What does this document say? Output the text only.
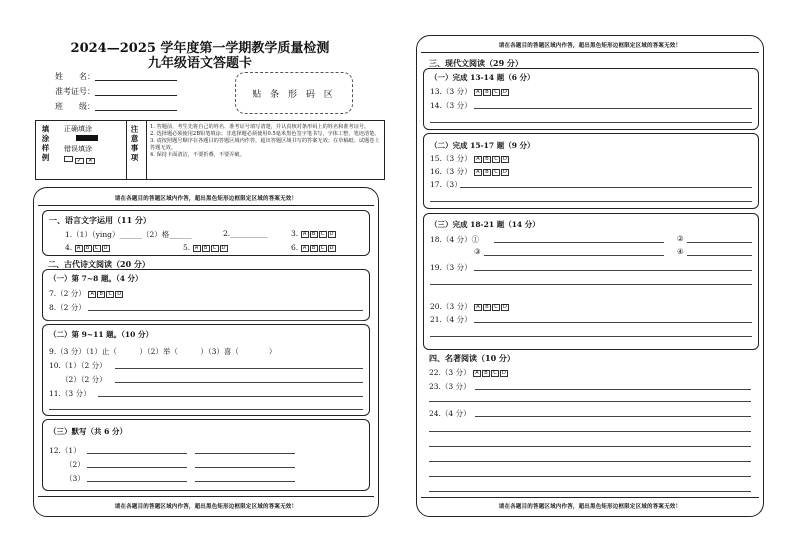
2024—2025 学年度第一学期教学质量检测
九年级语文答题卡
姓　　名：
准考证号：
班　　级：
贴 条 形 码 区
填涂样例 正确填涂
错误填涂
✓ ✕	注意事项 1. 答题前，考生先将自己的姓名、准考证号填写清楚，并认真核对条形码上的姓名和准考证号。
2. 选择题必须使用2B铅笔填涂；非选择题必须使用0.5毫米黑色签字笔书写，字体工整，笔迹清楚。
3. 请按照题号顺序在各题目的答题区域内作答，超出答题区域书写的答案无效；在草稿纸、试题卷上答题无效。
4. 保持卡面清洁，不要折叠，不要弄破。
请在各题目的答题区域内作答，超出黑色矩形边框限定区域的答案无效！
一、语言文字运用（11 分）
1.（1）（ying）______（2）格______	2.__________	3. A B C D
4. A B C D	5. A B C D	6. A B C D
二、古代诗文阅读（20 分）
（一）第 7~8 题。（4 分）
7.（2 分） A B C D
8.（2 分）
（二）第 9~11 题。（10 分）
9.（3 分）（1）止（　　　）（2）举（　　　）（3）喜（　　　　）
10.（1）（2 分）
（2）（2 分）
11.（3 分）
（三）默写（共 6 分）
12.（1）
（2）
（3）
请在各题目的答题区域内作答，超出黑色矩形边框限定区域的答案无效！
请在各题目的答题区域内作答，超出黑色矩形边框限定区域的答案无效！
三、现代文阅读（29 分）
（一）完成 13-14 题（6 分）
13.（3 分） A B C D
14.（3 分）
（二）完成 15-17 题（9 分）
15.（3 分） A B C D
16.（3 分） A B C D
17.（3）
（三）完成 18-21 题（14 分）
18.（4 分）①	②
③	④
19.（3 分）
20.（3 分） A B C D
21.（4 分）
四、名著阅读（10 分）
22.（3 分） A B C D
23.（3 分）
24.（4 分）
请在各题目的答题区域内作答，超出黑色矩形边框限定区域的答案无效！
